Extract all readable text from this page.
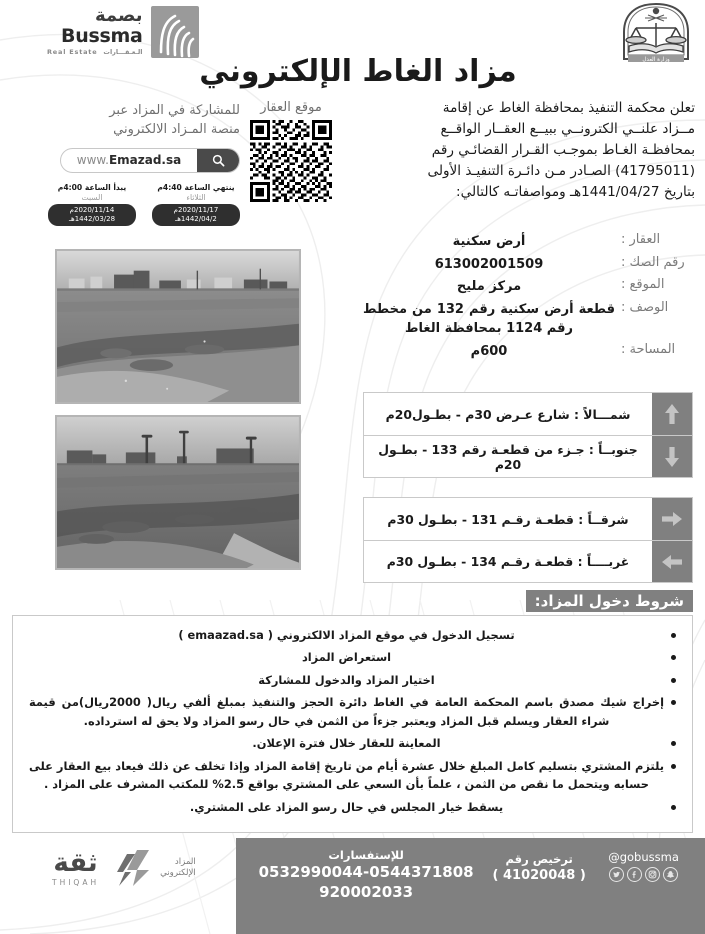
بصمة
Bussma
Real Estate الـعـقـــارات
وزارة العدل
مزاد الغاط الإلكتروني

تعلن محكمة التنفيذ بمحافظة الغاط عن إقامة

مــزاد علنــي الكترونــي ببيــع العقــار الواقــع

بمحافظـة الغـاط بموجـب القـرار القضائـي رقم

(41795011) الصـادر مـن دائـرة التنفيـذ الأولى

بتاريخ 1441/04/27هـ ومواصفاتـه كالتالي:

موقع العقار
للمشاركة في المزاد عبر
منصة المـزاد الالكتروني
www. Emazad.sa
يبدأ الساعة 4:00م
السبت
2020/11/14م
1442/03/28هـ
ينتهي الساعة 4:40م
الثلاثاء
2020/11/17م
1442/04/2هـ
العقار :
أرض سكنية
رقم الصك :
613002001509
الموقع :
مركز مليح
الوصف :
قطعة أرض سكنية رقم 132 من مخطط رقم 1124 بمحافظة الغاط
المساحة :
600م
شمـــالاً : شارع عـرض 30م - بطـول20م
جنوبــاً : جـزء من قطعـة رقم 133 - بطـول 20م
شرقــاً : قطعـة رقـم 131 - بطـول 30م
غربــــاً : قطعـة رقـم 134 - بطـول 30م
شروط دخول المزاد:
تسجيل الدخول في موقع المزاد الالكتروني ( emaazad.sa )
استعراض المزاد
اختيار المزاد والدخول للمشاركة
إخراج شيك مصدق باسم المحكمة العامة في الغاط دائرة الحجز والتنفيذ بمبلغ ألفي ريال( 2000ريال)من قيمة شراء العقار ويسلم قبل المزاد ويعتبر جزءاً من الثمن في حال رسو المزاد ولا يحق له استرداده.
المعاينة للعقار خلال فترة الإعلان.
يلتزم المشتري بتسليم كامل المبلغ خلال عشرة أيام من تاريخ إقامة المزاد وإذا تخلف عن ذلك فيعاد بيع العقار على حسابه ويتحمل ما نقص من الثمن ، علماً بأن السعي على المشتري بواقع 2.5% للمكتب المشرف على المزاد .
يسقط خيار المجلس في حال رسو المزاد على المشتري.
للإستفسارات
0532990044-0544371808
920002033
ترخيص رقم
( 41020048 )
@gobussma
ثقة
THIQAH
المزاد
الإلكتروني
